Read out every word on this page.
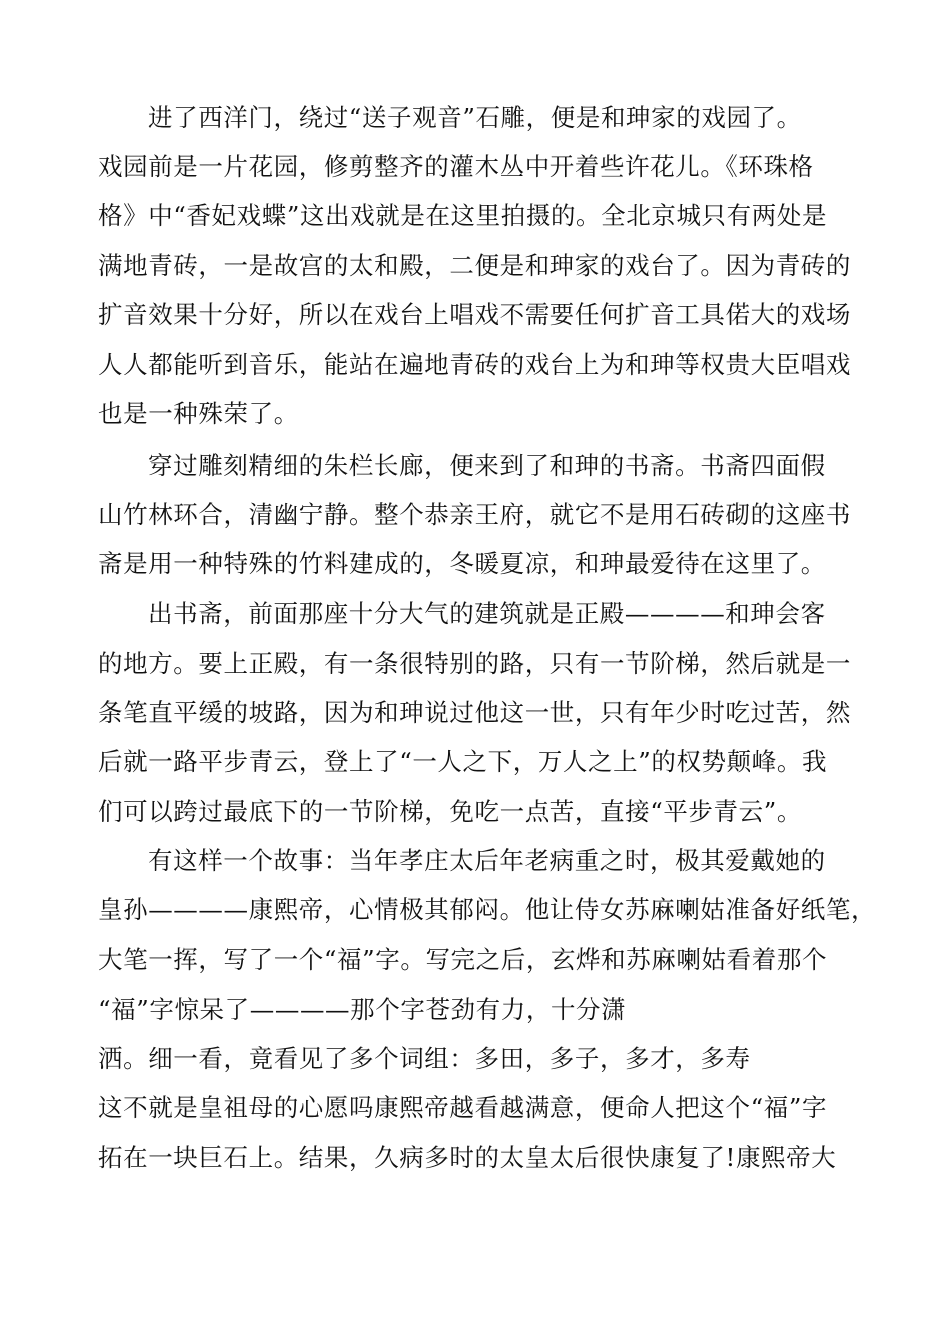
进了西洋门，绕过“送子观音”石雕，便是和珅家的戏园了。
戏园前是一片花园，修剪整齐的灌木丛中开着些许花儿。《环珠格
格》中“香妃戏蝶”这出戏就是在这里拍摄的。全北京城只有两处是
满地青砖，一是故宫的太和殿，二便是和珅家的戏台了。因为青砖的
扩音效果十分好，所以在戏台上唱戏不需要任何扩音工具偌大的戏场
人人都能听到音乐，能站在遍地青砖的戏台上为和珅等权贵大臣唱戏
也是一种殊荣了。
穿过雕刻精细的朱栏长廊，便来到了和珅的书斋。书斋四面假
山竹林环合，清幽宁静。整个恭亲王府，就它不是用石砖砌的这座书
斋是用一种特殊的竹料建成的，冬暖夏凉，和珅最爱待在这里了。
出书斋，前面那座十分大气的建筑就是正殿————和珅会客
的地方。要上正殿，有一条很特别的路，只有一节阶梯，然后就是一
条笔直平缓的坡路，因为和珅说过他这一世，只有年少时吃过苦，然
后就一路平步青云，登上了“一人之下，万人之上”的权势颠峰。我
们可以跨过最底下的一节阶梯，免吃一点苦，直接“平步青云”。
有这样一个故事：当年孝庄太后年老病重之时，极其爱戴她的
皇孙————康熙帝，心情极其郁闷。他让侍女苏麻喇姑准备好纸笔，
大笔一挥，写了一个“福”字。写完之后，玄烨和苏麻喇姑看着那个
“福”字惊呆了————那个字苍劲有力，十分潇
洒。细一看，竟看见了多个词组：多田，多子，多才，多寿
这不就是皇祖母的心愿吗康熙帝越看越满意，便命人把这个“福”字
拓在一块巨石上。结果，久病多时的太皇太后很快康复了!康熙帝大
